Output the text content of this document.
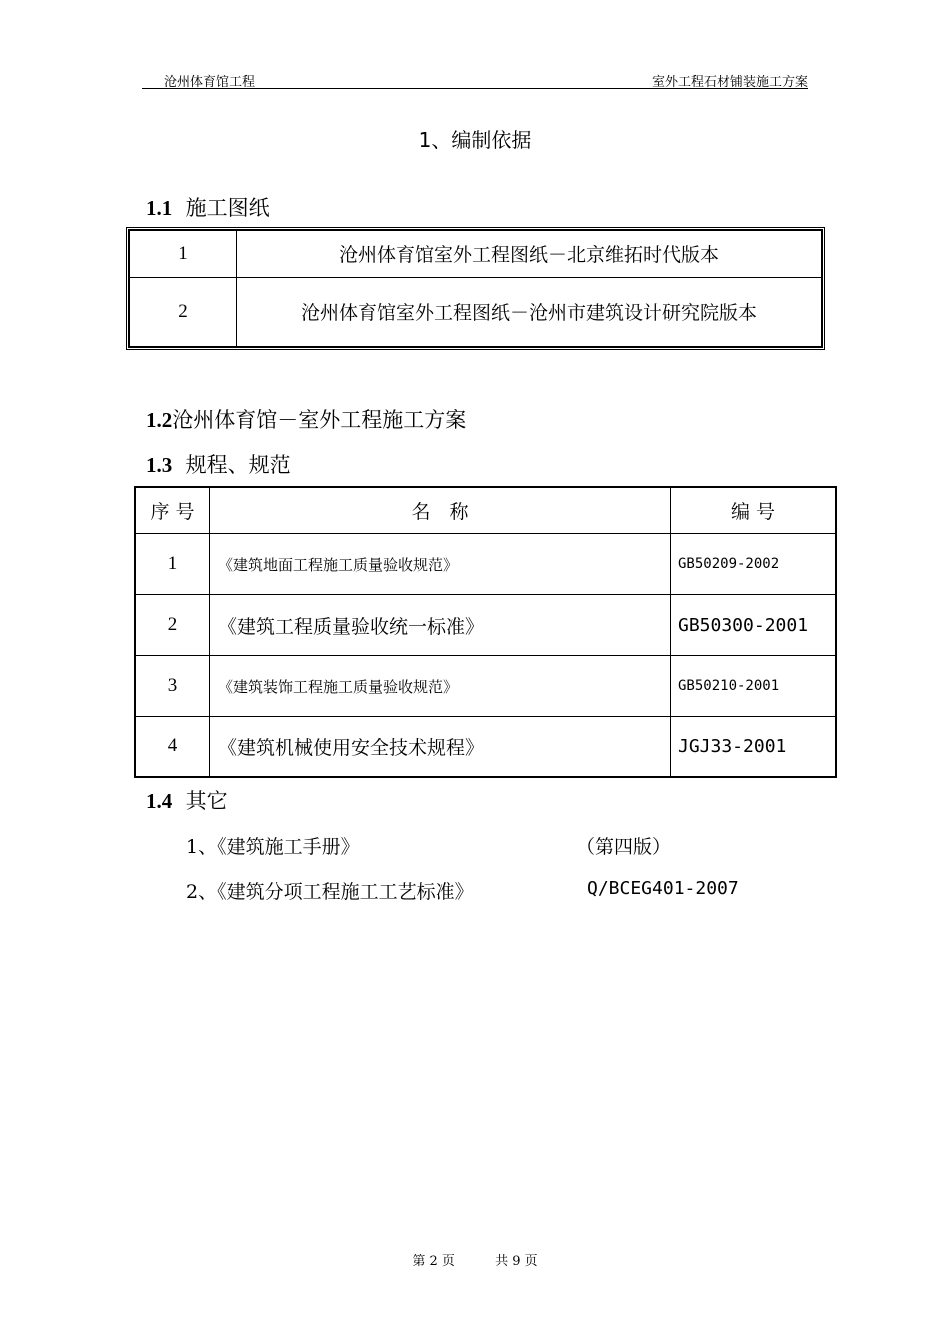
沧州体育馆工程	室外工程石材铺装施工方案
1、编制依据
1.1 施工图纸
1	沧州体育馆室外工程图纸－北京维拓时代版本
2	沧州体育馆室外工程图纸－沧州市建筑设计研究院版本
1.2沧州体育馆－室外工程施工方案
1.3 规程、规范
序 号	名　称	编 号
1	《建筑地面工程施工质量验收规范》	GB50209-2002
2	《建筑工程质量验收统一标准》	GB50300-2001
3	《建筑装饰工程施工质量验收规范》	GB50210-2001
4	《建筑机械使用安全技术规程》	JGJ33-2001
1.4 其它
1、《建筑施工手册》	（第四版）
2、《建筑分项工程施工工艺标准》	Q/BCEG401-2007
第 2 页	共 9 页
